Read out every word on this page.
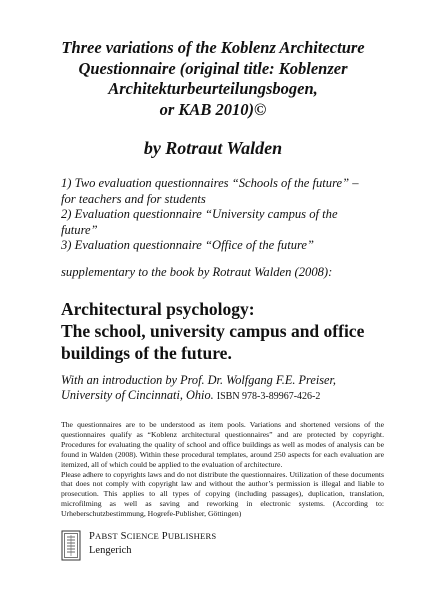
Three variations of the Koblenz Architecture
Questionnaire (original title: Koblenzer
Architekturbeurteilungsbogen,
or KAB 2010)©
by Rotraut Walden
1) Two evaluation questionnaires “Schools of the future” –
for teachers and for students
2) Evaluation questionnaire “University campus of the
future”
3) Evaluation questionnaire “Office of the future”
supplementary to the book by Rotraut Walden (2008):
Architectural psychology:
The school, university campus and office
buildings of the future.
With an introduction by Prof. Dr. Wolfgang F.E. Preiser,
University of Cincinnati, Ohio. ISBN 978-3-89967-426-2

The questionnaires are to be understood as item pools. Variations and shortened versions of the questionnaires qualify as “Koblenz architectural questionnaires” and are protected by copyright. Procedures for evaluating the quality of school and office buildings as well as modes of analysis can be found in Walden (2008). Within these procedural templates, around 250 aspects for each evaluation are itemized, all of which could be applied to the evaluation of architecture.

Please adhere to copyrights laws and do not distribute the questionnaires. Utilization of these documents that does not comply with copyright law and without the author’s permission is illegal and liable to prosecution. This applies to all types of copying (including passages), duplication, translation, microfilming as well as saving and reworking in electronic systems. (According to: Urheberschutzbestimmung, Hogrefe-Publisher, Göttingen)

PABST SCIENCE PUBLISHERS
Lengerich
